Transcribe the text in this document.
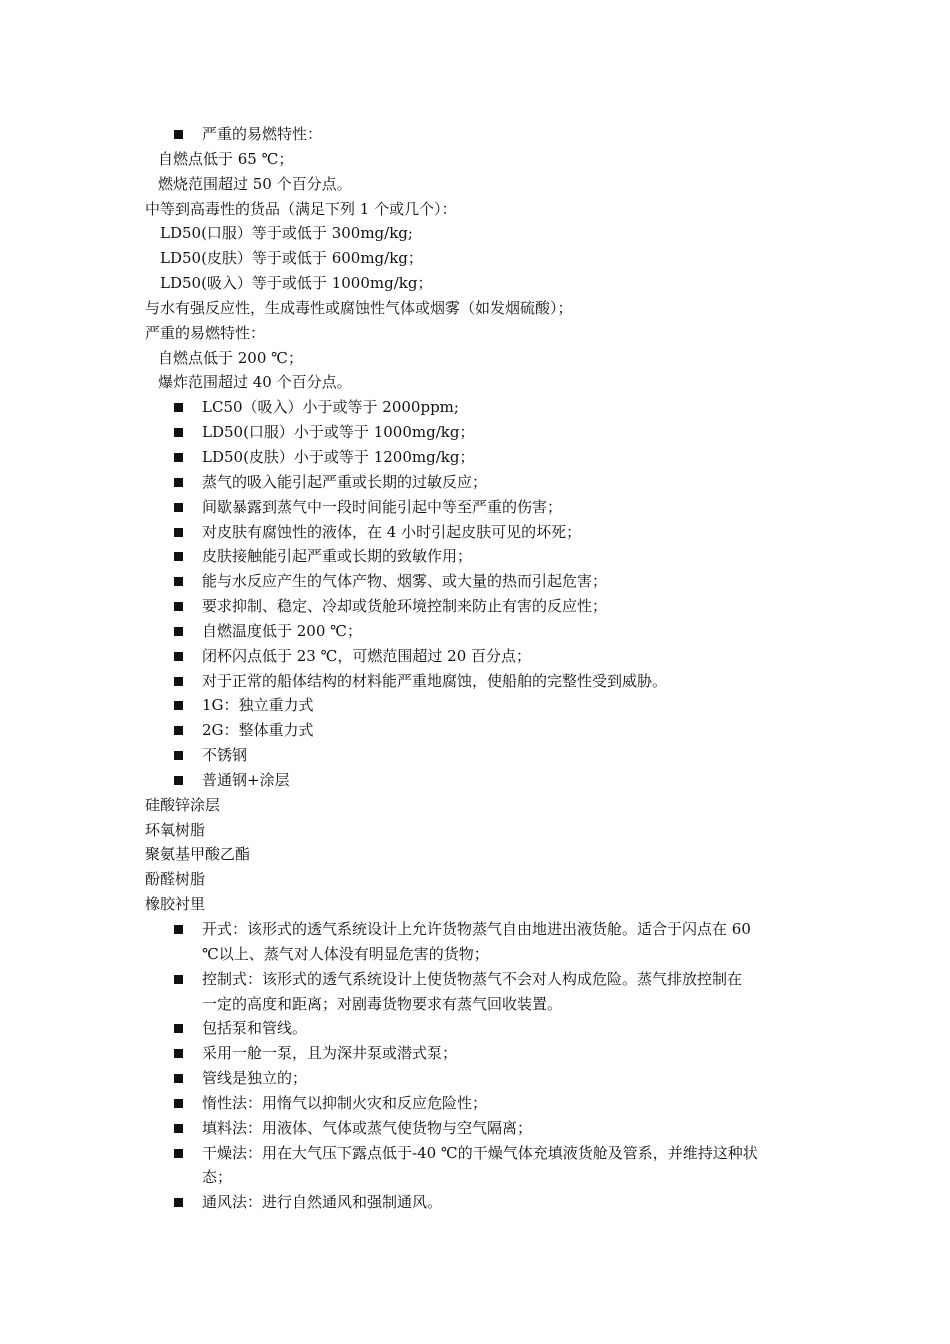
严重的易燃特性：
自燃点低于 65 ℃；
燃烧范围超过 50 个百分点。
中等到高毒性的货品（满足下列 1 个或几个）：
LD50(口服）等于或低于 300mg/kg;
LD50(皮肤）等于或低于 600mg/kg；
LD50(吸入）等于或低于 1000mg/kg；
与水有强反应性，生成毒性或腐蚀性气体或烟雾（如发烟硫酸）；
严重的易燃特性：
自燃点低于 200 ℃；
爆炸范围超过 40 个百分点。
LC50（吸入）小于或等于 2000ppm;
LD50(口服）小于或等于 1000mg/kg；
LD50(皮肤）小于或等于 1200mg/kg；
蒸气的吸入能引起严重或长期的过敏反应；
间歇暴露到蒸气中一段时间能引起中等至严重的伤害；
对皮肤有腐蚀性的液体，在 4 小时引起皮肤可见的坏死；
皮肤接触能引起严重或长期的致敏作用；
能与水反应产生的气体产物、烟雾、或大量的热而引起危害；
要求抑制、稳定、冷却或货舱环境控制来防止有害的反应性；
自燃温度低于 200 ℃；
闭杯闪点低于 23 ℃，可燃范围超过 20 百分点；
对于正常的船体结构的材料能严重地腐蚀，使船舶的完整性受到威胁。
1G：独立重力式
2G：整体重力式
不锈钢
普通钢+涂层
硅酸锌涂层
环氧树脂
聚氨基甲酸乙酯
酚醛树脂
橡胶衬里
开式：该形式的透气系统设计上允许货物蒸气自由地进出液货舱。适合于闪点在 60
℃以上、蒸气对人体没有明显危害的货物；
控制式：该形式的透气系统设计上使货物蒸气不会对人构成危险。蒸气排放控制在
一定的高度和距离；对剧毒货物要求有蒸气回收装置。
包括泵和管线。
采用一舱一泵，且为深井泵或潜式泵；
管线是独立的；
惰性法：用惰气以抑制火灾和反应危险性；
填料法：用液体、气体或蒸气使货物与空气隔离；
干燥法：用在大气压下露点低于-40 ℃的干燥气体充填液货舱及管系，并维持这种状
态；
通风法：进行自然通风和强制通风。
